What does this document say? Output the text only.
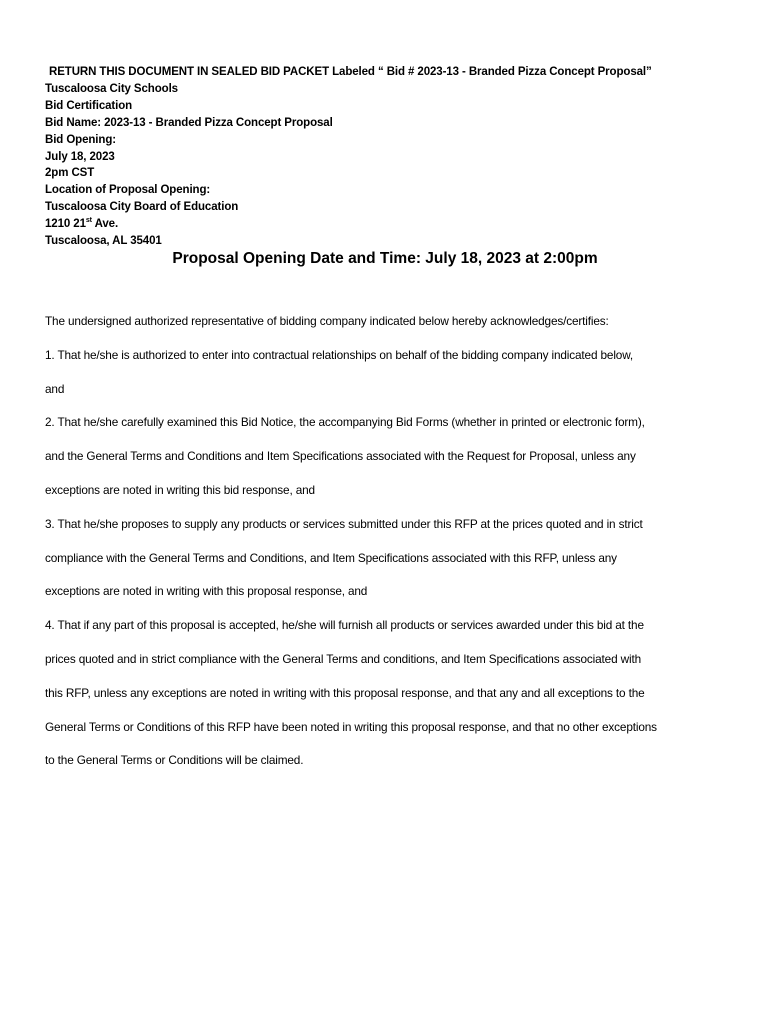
RETURN THIS DOCUMENT IN SEALED BID PACKET Labeled “ Bid # 2023-13 - Branded Pizza Concept Proposal”
Tuscaloosa City Schools
Bid Certification
Bid Name: 2023-13 - Branded Pizza Concept Proposal
Bid Opening:
July 18, 2023
2pm CST
Location of Proposal Opening:
Tuscaloosa City Board of Education
1210 21st Ave.
Tuscaloosa, AL 35401
Proposal Opening Date and Time: July 18, 2023 at 2:00pm
The undersigned authorized representative of bidding company indicated below hereby acknowledges/certifies:
1. That he/she is authorized to enter into contractual relationships on behalf of the bidding company indicated below,
and
2. That he/she carefully examined this Bid Notice, the accompanying Bid Forms (whether in printed or electronic form),
and the General Terms and Conditions and Item Specifications associated with the Request for Proposal, unless any
exceptions are noted in writing this bid response, and
3. That he/she proposes to supply any products or services submitted under this RFP at the prices quoted and in strict
compliance with the General Terms and Conditions, and Item Specifications associated with this RFP, unless any
exceptions are noted in writing with this proposal response, and
4. That if any part of this proposal is accepted, he/she will furnish all products or services awarded under this bid at the
prices quoted and in strict compliance with the General Terms and conditions, and Item Specifications associated with
this RFP, unless any exceptions are noted in writing with this proposal response, and that any and all exceptions to the
General Terms or Conditions of this RFP have been noted in writing this proposal response, and that no other exceptions
to the General Terms or Conditions will be claimed.
